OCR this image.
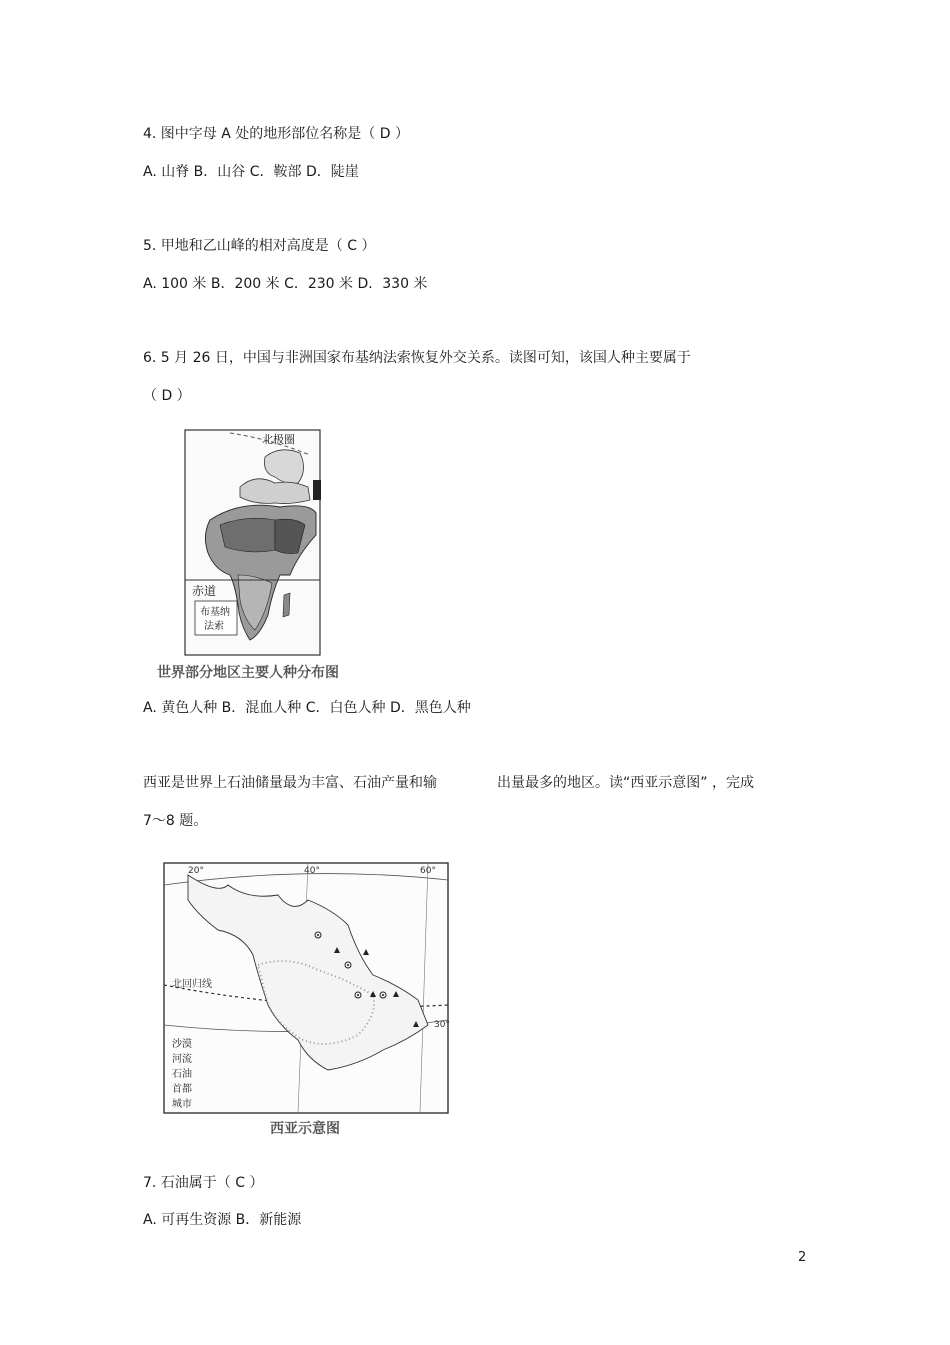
4. 图中字母 A 处的地形部位名称是（ D ）
A. 山脊 B．山谷 C．鞍部 D．陡崖
5. 甲地和乙山峰的相对高度是（ C ）
A. 100 米 B．200 米 C．230 米 D．330 米
6. 5 月 26 日，中国与非洲国家布基纳法索恢复外交关系。读图可知，该国人种主要属于
（ D ）
北极圈
赤道
布基纳
法索
世界部分地区主要人种分布图
A. 黄色人种 B．混血人种 C．白色人种 D．黑色人种
西亚是世界上石油储量最为丰富、石油产量和输	出量最多的地区。读“西亚示意图” ，完成
7～8 题。
20°	40°	60°
30°
北回归线
沙漠
河流
石油
首都
城市
西亚示意图
7. 石油属于（ C ）
A. 可再生资源 B．新能源
2
